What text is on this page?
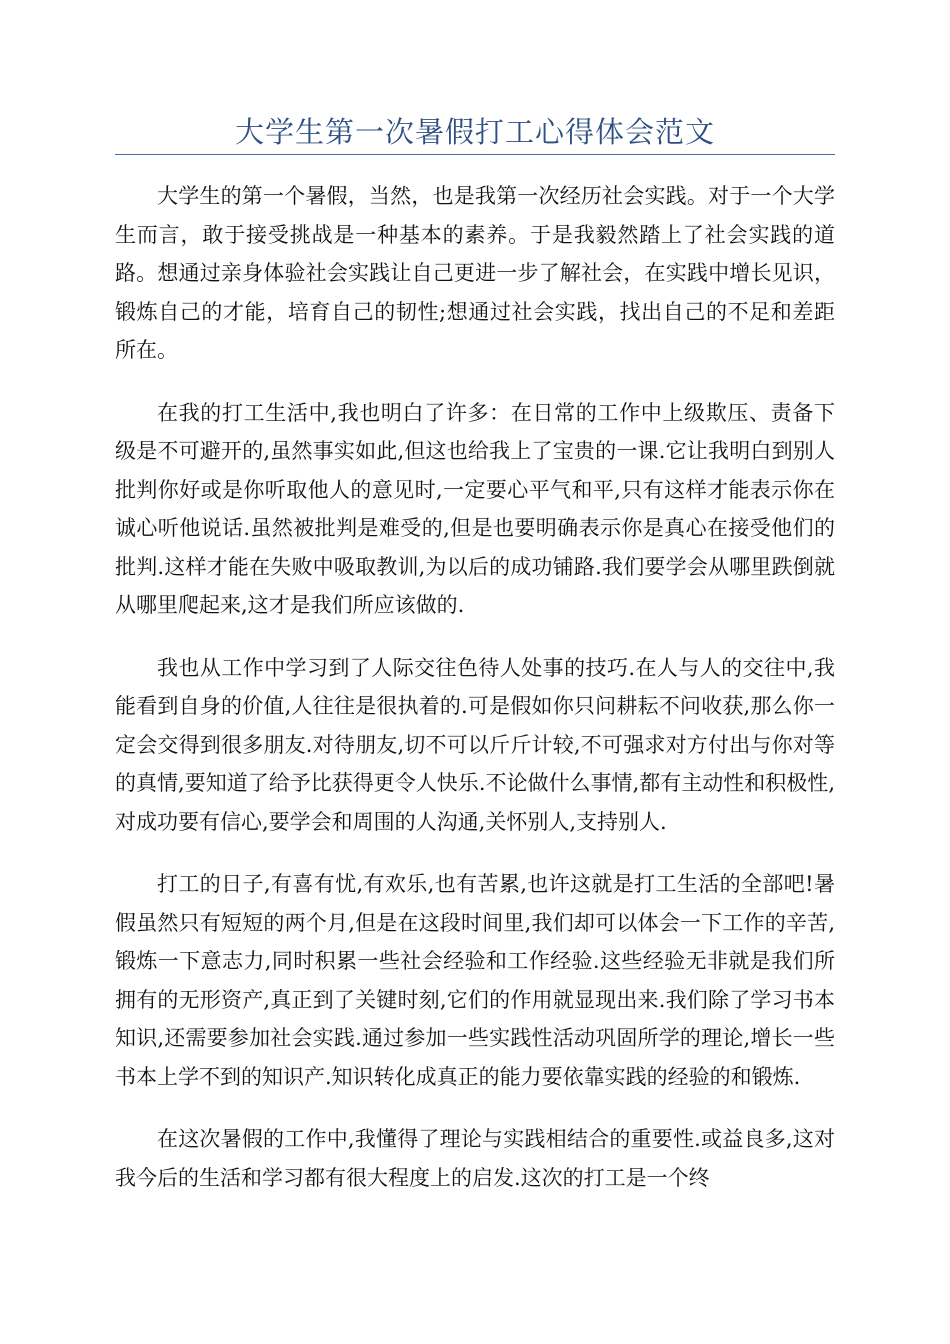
大学生第一次暑假打工心得体会范文

大学生的第一个暑假，当然，也是我第一次经历社会实践。对于一个大学生而言，敢于接受挑战是一种基本的素养。于是我毅然踏上了社会实践的道路。想通过亲身体验社会实践让自己更进一步了解社会，在实践中增长见识，锻炼自己的才能，培育自己的韧性;想通过社会实践，找出自己的不足和差距所在。

在我的打工生活中,我也明白了许多：在日常的工作中上级欺压、责备下级是不可避开的,虽然事实如此,但这也给我上了宝贵的一课.它让我明白到别人批判你好或是你听取他人的意见时,一定要心平气和平,只有这样才能表示你在诚心听他说话.虽然被批判是难受的,但是也要明确表示你是真心在接受他们的批判.这样才能在失败中吸取教训,为以后的成功铺路.我们要学会从哪里跌倒就从哪里爬起来,这才是我们所应该做的.

我也从工作中学习到了人际交往色待人处事的技巧.在人与人的交往中,我能看到自身的价值,人往往是很执着的.可是假如你只问耕耘不问收获,那么你一定会交得到很多朋友.对待朋友,切不可以斤斤计较,不可强求对方付出与你对等的真情,要知道了给予比获得更令人快乐.不论做什么事情,都有主动性和积极性,对成功要有信心,要学会和周围的人沟通,关怀别人,支持别人.

打工的日子,有喜有忧,有欢乐,也有苦累,也许这就是打工生活的全部吧!暑假虽然只有短短的两个月,但是在这段时间里,我们却可以体会一下工作的辛苦,锻炼一下意志力,同时积累一些社会经验和工作经验.这些经验无非就是我们所拥有的无形资产,真正到了关键时刻,它们的作用就显现出来.我们除了学习书本知识,还需要参加社会实践.通过参加一些实践性活动巩固所学的理论,增长一些书本上学不到的知识产.知识转化成真正的能力要依靠实践的经验的和锻炼.

在这次暑假的工作中,我懂得了理论与实践相结合的重要性.或益良多,这对我今后的生活和学习都有很大程度上的启发.这次的打工是一个终
